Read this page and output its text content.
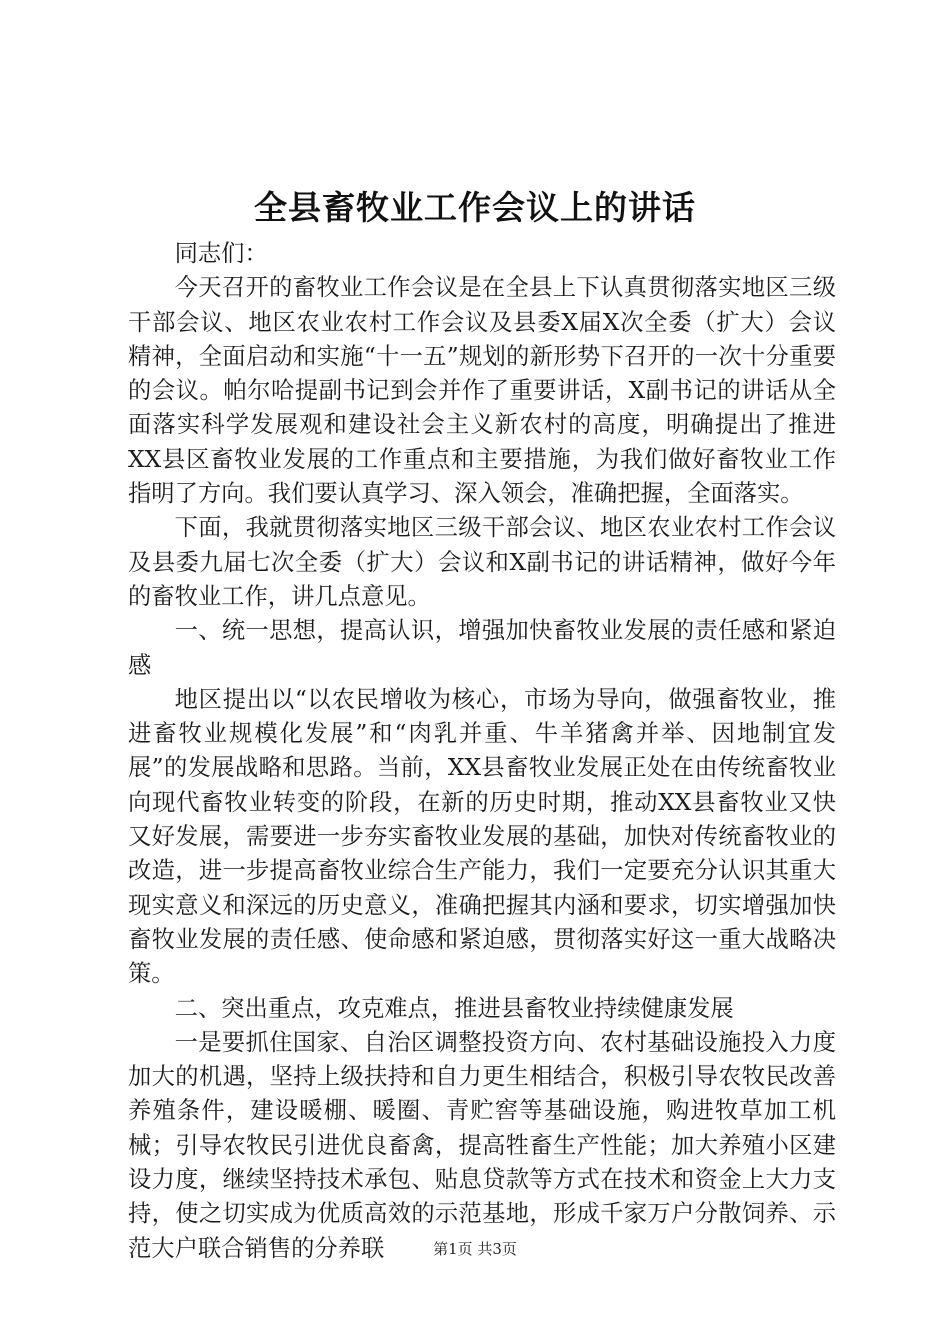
全县畜牧业工作会议上的讲话

同志们：

今天召开的畜牧业工作会议是在全县上下认真贯彻落实地区三级干部会议、地区农业农村工作会议及县委X届X次全委（扩大）会议精神，全面启动和实施“十一五”规划的新形势下召开的一次十分重要的会议。帕尔哈提副书记到会并作了重要讲话，X副书记的讲话从全面落实科学发展观和建设社会主义新农村的高度，明确提出了推进XX县区畜牧业发展的工作重点和主要措施，为我们做好畜牧业工作指明了方向。我们要认真学习、深入领会，准确把握，全面落实。

下面，我就贯彻落实地区三级干部会议、地区农业农村工作会议及县委九届七次全委（扩大）会议和X副书记的讲话精神，做好今年的畜牧业工作，讲几点意见。

一、统一思想，提高认识，增强加快畜牧业发展的责任感和紧迫感

地区提出以“以农民增收为核心，市场为导向，做强畜牧业，推进畜牧业规模化发展”和“肉乳并重、牛羊猪禽并举、因地制宜发展”的发展战略和思路。当前，XX县畜牧业发展正处在由传统畜牧业向现代畜牧业转变的阶段，在新的历史时期，推动XX县畜牧业又快又好发展，需要进一步夯实畜牧业发展的基础，加快对传统畜牧业的改造，进一步提高畜牧业综合生产能力，我们一定要充分认识其重大现实意义和深远的历史意义，准确把握其内涵和要求，切实增强加快畜牧业发展的责任感、使命感和紧迫感，贯彻落实好这一重大战略决策。

二、突出重点，攻克难点，推进县畜牧业持续健康发展

一是要抓住国家、自治区调整投资方向、农村基础设施投入力度加大的机遇，坚持上级扶持和自力更生相结合，积极引导农牧民改善养殖条件，建设暖棚、暖圈、青贮窖等基础设施，购进牧草加工机械；引导农牧民引进优良畜禽，提高牲畜生产性能；加大养殖小区建设力度，继续坚持技术承包、贴息贷款等方式在技术和资金上大力支持，使之切实成为优质高效的示范基地，形成千家万户分散饲养、示范大户联合销售的分养联	第1页 共3页
